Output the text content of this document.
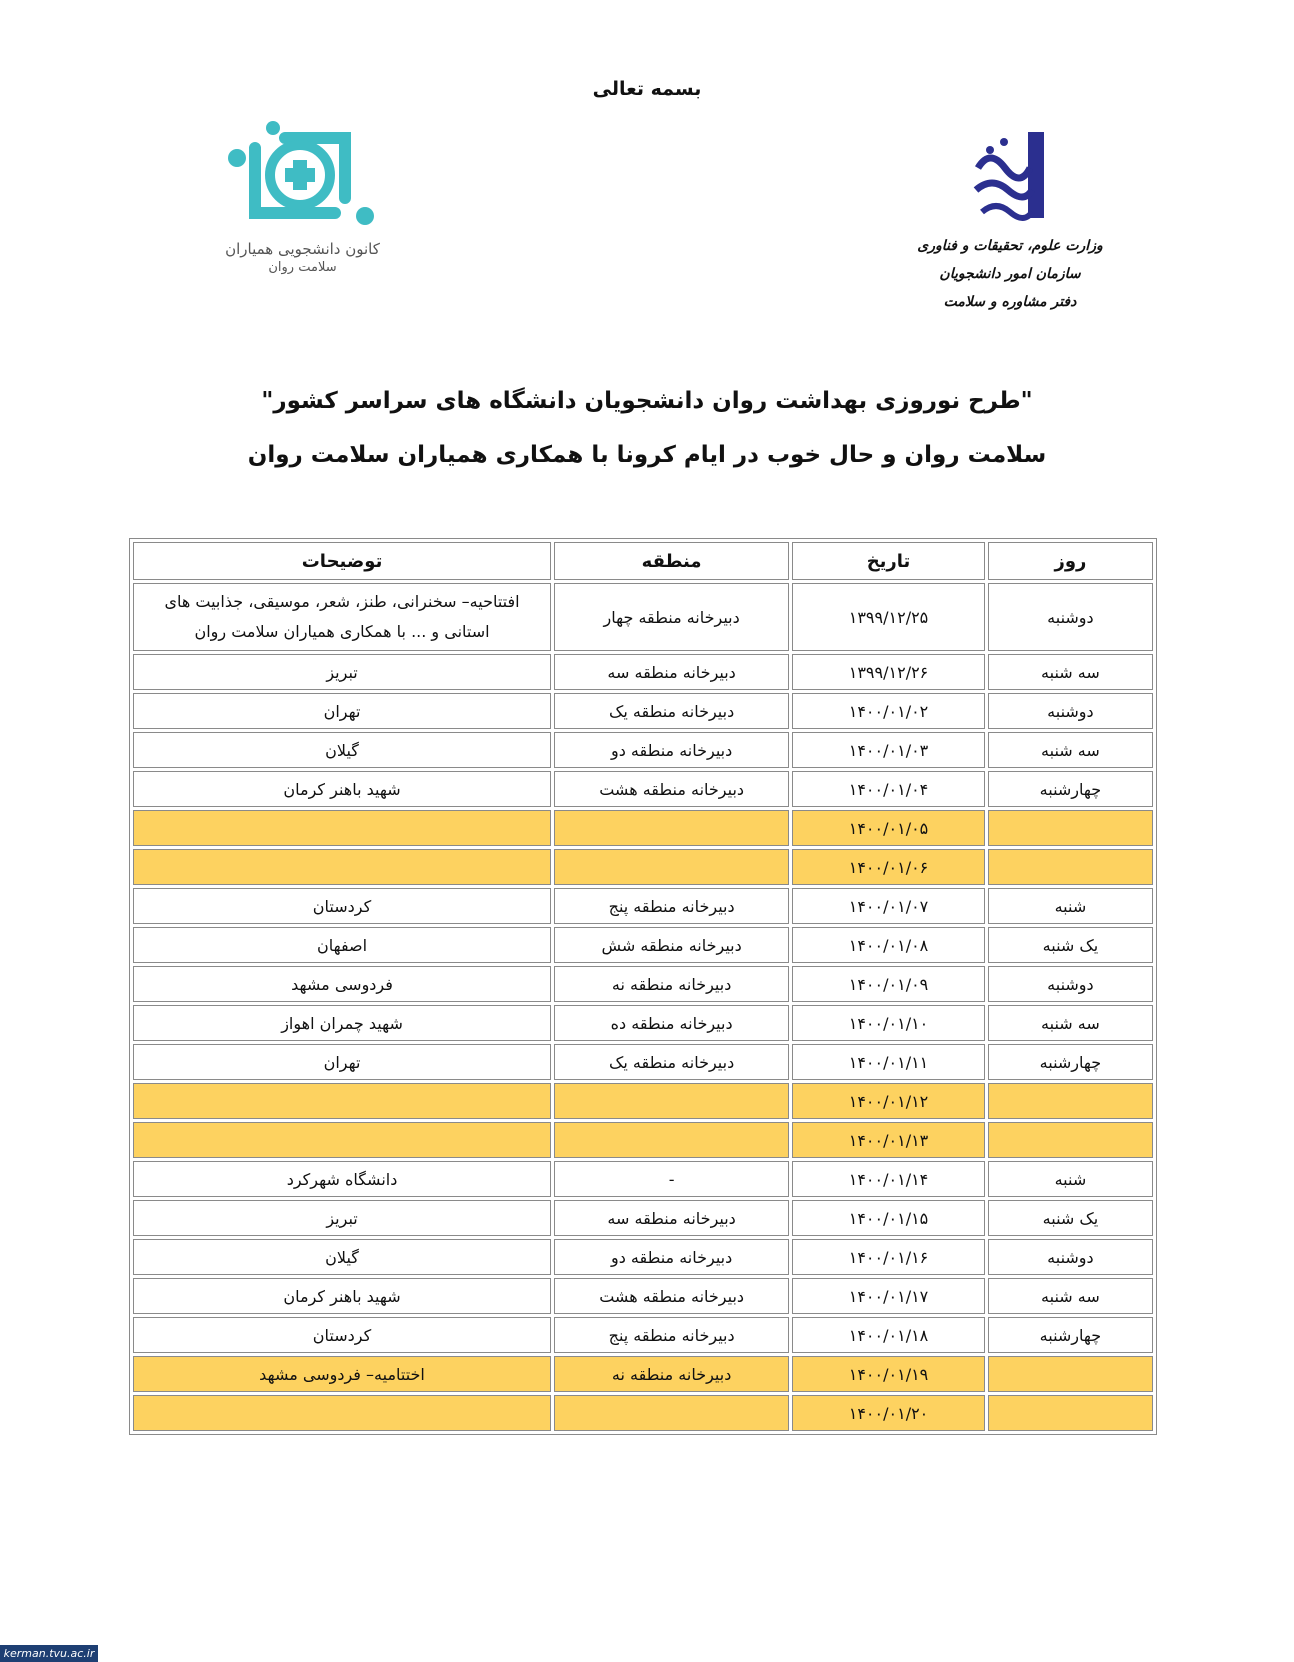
بسمه تعالی
کانون دانشجویی همیاران
سلامت روان
وزارت علوم، تحقیقات و فناوری
سازمان امور دانشجویان
دفتر مشاوره و سلامت
"طرح نوروزی بهداشت روان دانشجویان دانشگاه های سراسر کشور"
سلامت روان و حال خوب در ایام کرونا با همکاری همیاران سلامت روان
روز	تاریخ	منطقه	توضیحات
دوشنبه	۱۳۹۹/۱۲/۲۵	دبیرخانه منطقه چهار	افتتاحیه– سخنرانی، طنز، شعر، موسیقی، جذابیت های استانی و ... با همکاری همیاران سلامت روان
سه شنبه	۱۳۹۹/۱۲/۲۶	دبیرخانه منطقه سه	تبریز
دوشنبه	۱۴۰۰/۰۱/۰۲	دبیرخانه منطقه یک	تهران
سه شنبه	۱۴۰۰/۰۱/۰۳	دبیرخانه منطقه دو	گیلان
چهارشنبه	۱۴۰۰/۰۱/۰۴	دبیرخانه منطقه هشت	شهید باهنر کرمان
	۱۴۰۰/۰۱/۰۵		
	۱۴۰۰/۰۱/۰۶		
شنبه	۱۴۰۰/۰۱/۰۷	دبیرخانه منطقه پنج	کردستان
یک شنبه	۱۴۰۰/۰۱/۰۸	دبیرخانه منطقه شش	اصفهان
دوشنبه	۱۴۰۰/۰۱/۰۹	دبیرخانه منطقه نه	فردوسی مشهد
سه شنبه	۱۴۰۰/۰۱/۱۰	دبیرخانه منطقه ده	شهید چمران اهواز
چهارشنبه	۱۴۰۰/۰۱/۱۱	دبیرخانه منطقه یک	تهران
	۱۴۰۰/۰۱/۱۲		
	۱۴۰۰/۰۱/۱۳		
شنبه	۱۴۰۰/۰۱/۱۴	-	دانشگاه شهرکرد
یک شنبه	۱۴۰۰/۰۱/۱۵	دبیرخانه منطقه سه	تبریز
دوشنبه	۱۴۰۰/۰۱/۱۶	دبیرخانه منطقه دو	گیلان
سه شنبه	۱۴۰۰/۰۱/۱۷	دبیرخانه منطقه هشت	شهید باهنر کرمان
چهارشنبه	۱۴۰۰/۰۱/۱۸	دبیرخانه منطقه پنج	کردستان
	۱۴۰۰/۰۱/۱۹	دبیرخانه منطقه نه	اختتامیه– فردوسی مشهد
	۱۴۰۰/۰۱/۲۰		
kerman.tvu.ac.ir
